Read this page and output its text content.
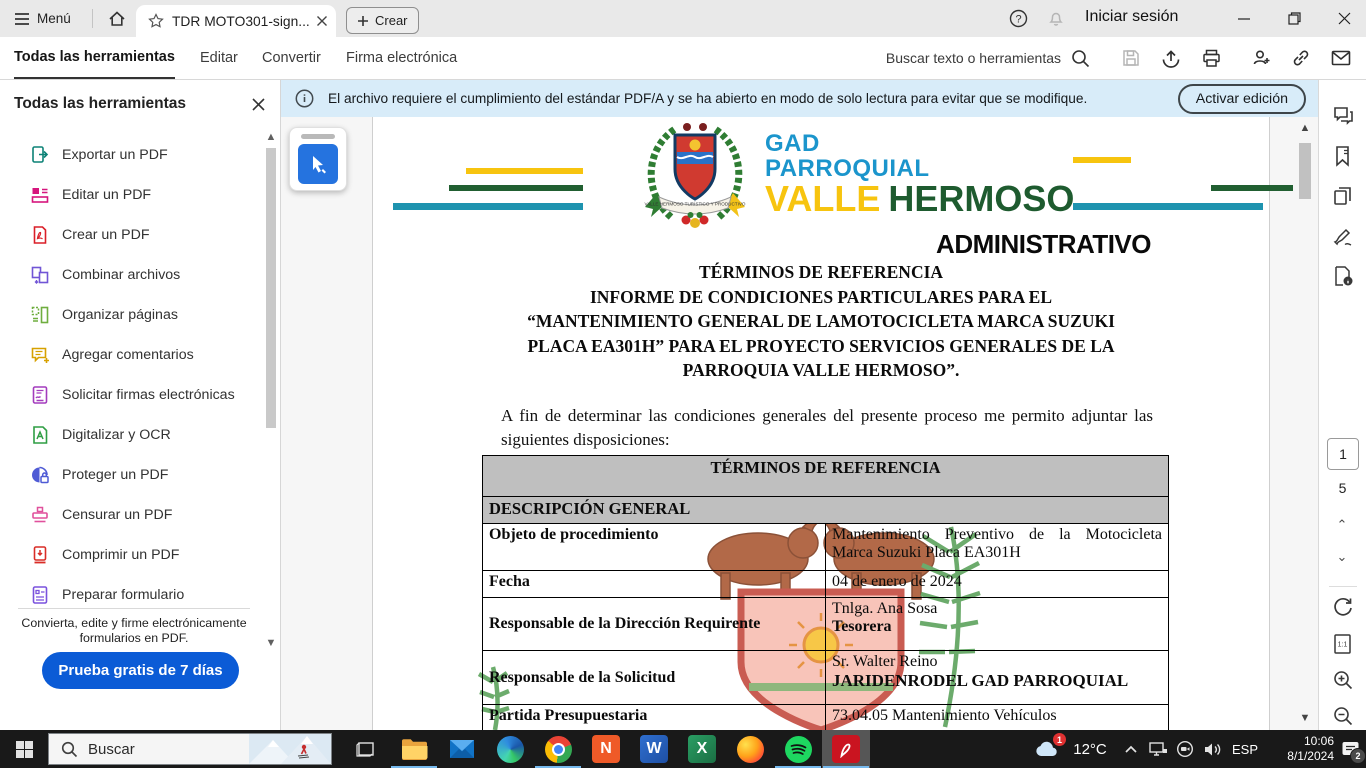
Menú	TDR MOTO301-sign...	Crear	?	Iniciar sesión
Todas las herramientas Editar Convertir Firma electrónica	Buscar texto o herramientas
Todas las herramientas
Exportar un PDF
Editar un PDF
Crear un PDF
Combinar archivos
Organizar páginas
Agregar comentarios
Solicitar firmas electrónicas
Digitalizar y OCR
Proteger un PDF
Censurar un PDF
Comprimir un PDF
Preparar formulario
Convierta, edite y firme electrónicamente formularios en PDF.
Prueba gratis de 7 días
▲
▼
El archivo requiere el cumplimiento del estándar PDF/A y se ha abierto en modo de solo lectura para evitar que se modifique.	Activar edición
VALLE HERMOSO TURÍSTICO Y PRODUCTIVO
GAD
PARROQUIAL
VALLE HERMOSO
ADMINISTRATIVO
TÉRMINOS DE REFERENCIA
INFORME DE CONDICIONES PARTICULARES PARA EL
“MANTENIMIENTO GENERAL DE LAMOTOCICLETA MARCA SUZUKI
PLACA EA301H” PARA EL PROYECTO SERVICIOS GENERALES DE LA
PARROQUIA VALLE HERMOSO”.
A fin de determinar las condiciones generales del presente proceso me permito adjuntar las siguientes disposiciones:
TÉRMINOS DE REFERENCIA	
DESCRIPCIÓN GENERAL	
Objeto de procedimiento	Mantenimiento Preventivo de la Motocicleta Marca Suzuki Placa EA301H
Fecha	04 de enero de 2024
Responsable de la Dirección Requirente	Tnlga. Ana Sosa
Tesorera

Responsable de la Solicitud	Sr. Walter Reino
JARIDENRODEL GAD PARROQUIAL

Partida Presupuestaria	73.04.05 Mantenimiento Vehículos
▲
▼
1
5
⌃
⌄
1:1
Buscar	N	W	X
1
12°C	ESP
10:06
8/1/2024	2
